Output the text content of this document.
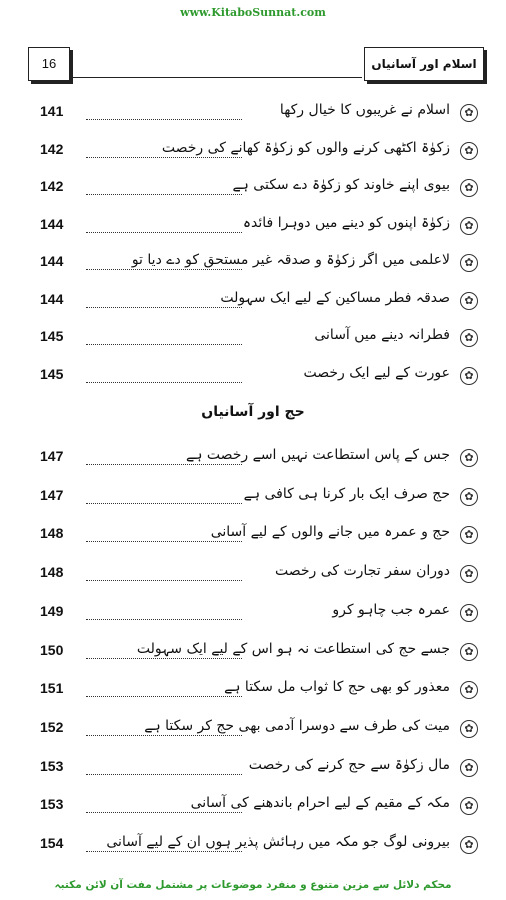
www.KitaboSunnat.com
16	اسلام اور آسانیاں
✿
اسلام نے غریبوں کا خیال رکھا
141
✿
زکوٰۃ اکٹھی کرنے والوں کو زکوٰۃ کھانے کی رخصت
142
✿
بیوی اپنے خاوند کو زکوٰۃ دے سکتی ہے
142
✿
زکوٰۃ اپنوں کو دینے میں دوہرا فائدہ
144
✿
لاعلمی میں اگر زکوٰۃ و صدقہ غیر مستحق کو دے دیا تو
144
✿
صدقہ فطر مساکین کے لیے ایک سہولت
144
✿
فطرانہ دینے میں آسانی
145
✿
عورت کے لیے ایک رخصت
145
حج اور آسانیاں
✿
جس کے پاس استطاعت نہیں اسے رخصت ہے
147
✿
حج صرف ایک بار کرنا ہی کافی ہے
147
✿
حج و عمرہ میں جانے والوں کے لیے آسانی
148
✿
دوران سفر تجارت کی رخصت
148
✿
عمرہ جب چاہو کرو
149
✿
جسے حج کی استطاعت نہ ہو اس کے لیے ایک سہولت
150
✿
معذور کو بھی حج کا ثواب مل سکتا ہے
151
✿
میت کی طرف سے دوسرا آدمی بھی حج کر سکتا ہے
152
✿
مال زکوٰۃ سے حج کرنے کی رخصت
153
✿
مکہ کے مقیم کے لیے احرام باندھنے کی آسانی
153
✿
بیرونی لوگ جو مکہ میں رہائش پذیر ہوں ان کے لیے آسانی
154
محکم دلائل سے مزین متنوع و منفرد موضوعات پر مشتمل مفت آن لائن مکتبہ
